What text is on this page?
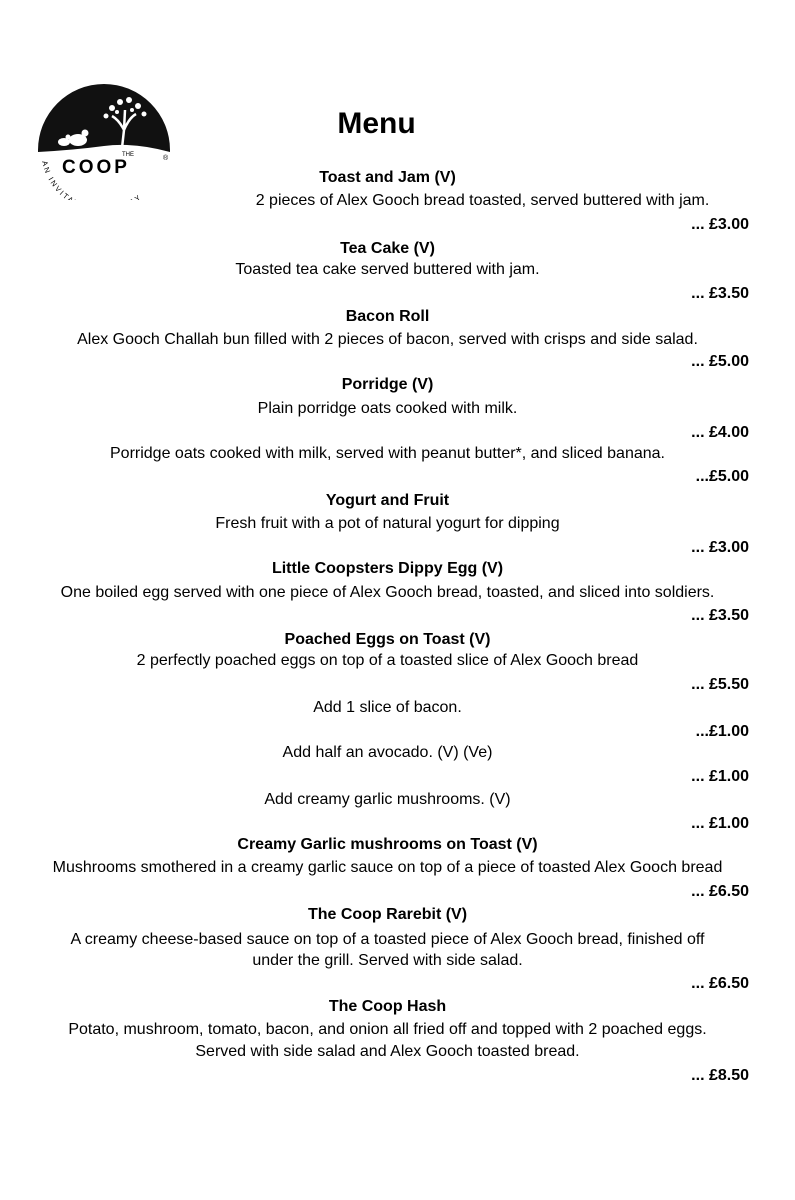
THE
COOP	®
AN INVIT Y
Menu
Toast and Jam (V)
2 pieces of Alex Gooch bread toasted, served buttered with jam.
... £3.00
Tea Cake (V)
Toasted tea cake served buttered with jam.
... £3.50
Bacon Roll
Alex Gooch Challah bun filled with 2 pieces of bacon, served with crisps and side salad.
... £5.00
Porridge (V)
Plain porridge oats cooked with milk.
... £4.00
Porridge oats cooked with milk, served with peanut butter*, and sliced banana.
...£5.00
Yogurt and Fruit
Fresh fruit with a pot of natural yogurt for dipping
... £3.00
Little Coopsters Dippy Egg (V)
One boiled egg served with one piece of Alex Gooch bread, toasted, and sliced into soldiers.
... £3.50
Poached Eggs on Toast (V)
2 perfectly poached eggs on top of a toasted slice of Alex Gooch bread
... £5.50
Add 1 slice of bacon.
...£1.00
Add half an avocado. (V) (Ve)
... £1.00
Add creamy garlic mushrooms. (V)
... £1.00
Creamy Garlic mushrooms on Toast (V)
Mushrooms smothered in a creamy garlic sauce on top of a piece of toasted Alex Gooch bread
... £6.50
The Coop Rarebit (V)
A creamy cheese-based sauce on top of a toasted piece of Alex Gooch bread, finished off
under the grill. Served with side salad.
... £6.50
The Coop Hash
Potato, mushroom, tomato, bacon, and onion all fried off and topped with 2 poached eggs.
Served with side salad and Alex Gooch toasted bread.
... £8.50
